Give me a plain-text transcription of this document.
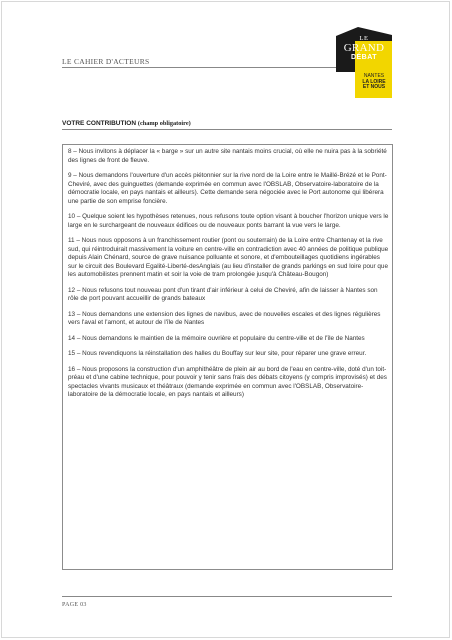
LE CAHIER D'ACTEURS
LE
GRAND
DÉBAT
NANTES
LA LOIRE
ET NOUS
VOTRE CONTRIBUTION (champ obligatoire)

8 – Nous invitons à déplacer la « barge » sur un autre site nantais moins crucial, où elle ne nuira pas à la sobriété des lignes de front de fleuve.

9 – Nous demandons l'ouverture d'un accès piétonnier sur la rive nord de la Loire entre le Maillé-Brézé et le Pont-Cheviré, avec des guinguettes (demande exprimée en commun avec l'OBSLAB, Observatoire-laboratoire de la démocratie locale, en pays nantais et ailleurs). Cette demande sera négociée avec le Port autonome qui libérera une partie de son emprise foncière.

10 – Quelque soient les hypothèses retenues, nous refusons toute option visant à boucher l'horizon unique vers le large en le surchargeant de nouveaux édifices ou de nouveaux ponts barrant la vue vers le large.

11 – Nous nous opposons à un franchissement routier (pont ou souterrain) de la Loire entre Chantenay et la rive sud, qui réintroduirait massivement la voiture en centre-ville en contradiction avec 40 années de politique publique depuis Alain Chénard, source de grave nuisance polluante et sonore, et d'embouteillages quotidiens ingérables sur le circuit des Boulevard Egalité-Liberté-desAnglais (au lieu d'installer de grands parkings en sud loire pour que les automobilistes prennent matin et soir la voie de tram prolongée jusqu'à Château-Bougon)

12 – Nous refusons tout nouveau pont d'un tirant d'air inférieur à celui de Cheviré, afin de laisser à Nantes son rôle de port pouvant accueillir de grands bateaux

13 – Nous demandons une extension des lignes de navibus, avec de nouvelles escales et des lignes régulières vers l'aval et l'amont, et autour de l'île de Nantes

14 – Nous demandons le maintien de la mémoire ouvrière et populaire du centre-ville et de l'île de Nantes

15 – Nous revendiquons la réinstallation des halles du Bouffay sur leur site, pour réparer une grave erreur.

16 – Nous proposons la construction d'un amphithéâtre de plein air au bord de l'eau en centre-ville, doté d'un toit-préau et d'une cabine technique, pour pouvoir y tenir sans frais des débats citoyens (y compris improvisés) et des spectacles vivants musicaux et théâtraux (demande exprimée en commun avec l'OBSLAB, Observatoire-laboratoire de la démocratie locale, en pays nantais et ailleurs)

PAGE 03
